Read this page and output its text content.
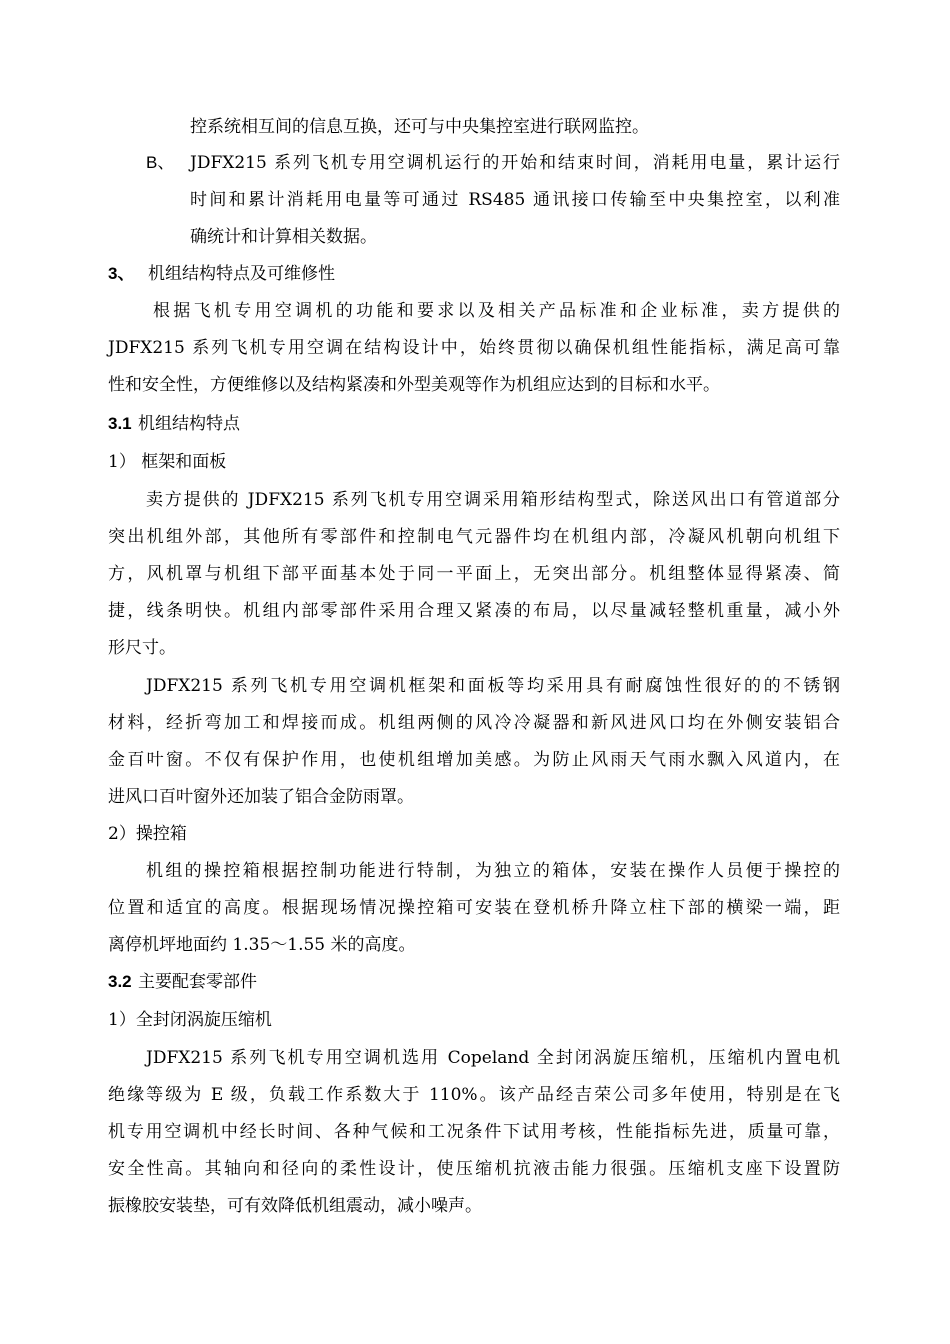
控系统相互间的信息互换，还可与中央集控室进行联网监控。
B、 JDFX215 系列飞机专用空调机运行的开始和结束时间，消耗用电量，累计运行
时间和累计消耗用电量等可通过 RS485 通讯接口传输至中央集控室，以利准
确统计和计算相关数据。
3、 机组结构特点及可维修性
根据飞机专用空调机的功能和要求以及相关产品标准和企业标准，卖方提供的
JDFX215 系列飞机专用空调在结构设计中，始终贯彻以确保机组性能指标，满足高可靠
性和安全性，方便维修以及结构紧凑和外型美观等作为机组应达到的目标和水平。
3.1 机组结构特点
1） 框架和面板
卖方提供的 JDFX215 系列飞机专用空调采用箱形结构型式，除送风出口有管道部分
突出机组外部，其他所有零部件和控制电气元器件均在机组内部，冷凝风机朝向机组下
方，风机罩与机组下部平面基本处于同一平面上，无突出部分。机组整体显得紧凑、简
捷，线条明快。机组内部零部件采用合理又紧凑的布局，以尽量减轻整机重量，减小外
形尺寸。
JDFX215 系列飞机专用空调机框架和面板等均采用具有耐腐蚀性很好的的不锈钢
材料，经折弯加工和焊接而成。机组两侧的风冷冷凝器和新风进风口均在外侧安装铝合
金百叶窗。不仅有保护作用，也使机组增加美感。为防止风雨天气雨水飘入风道内，在
进风口百叶窗外还加装了铝合金防雨罩。
2）操控箱
机组的操控箱根据控制功能进行特制，为独立的箱体，安装在操作人员便于操控的
位置和适宜的高度。根据现场情况操控箱可安装在登机桥升降立柱下部的横梁一端，距
离停机坪地面约 1.35～1.55 米的高度。
3.2 主要配套零部件
1）全封闭涡旋压缩机
JDFX215 系列飞机专用空调机选用 Copeland 全封闭涡旋压缩机，压缩机内置电机
绝缘等级为 E 级，负载工作系数大于 110%。该产品经吉荣公司多年使用，特别是在飞
机专用空调机中经长时间、各种气候和工况条件下试用考核，性能指标先进，质量可靠，
安全性高。其轴向和径向的柔性设计，使压缩机抗液击能力很强。压缩机支座下设置防
振橡胶安装垫，可有效降低机组震动，减小噪声。
